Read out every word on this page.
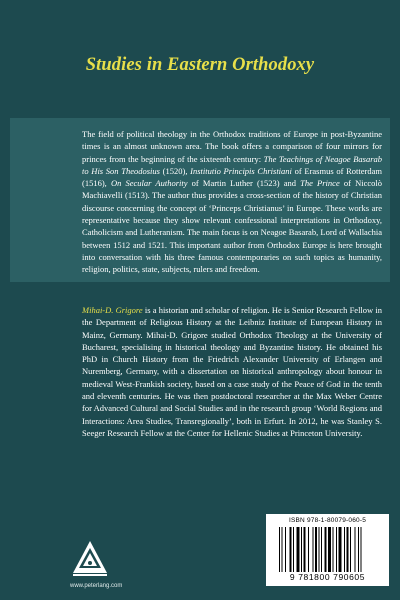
Studies in Eastern Orthodoxy

The field of political theology in the Orthodox traditions of Europe in post-Byzantine times is an almost unknown area. The book offers a comparison of four mirrors for princes from the beginning of the sixteenth century: The Teachings of Neagoe Basarab to His Son Theodosius (1520), Institutio Principis Christiani of Erasmus of Rotterdam (1516), On Secular Authority of Martin Luther (1523) and The Prince of Niccolò Machiavelli (1513). The author thus provides a cross-section of the history of Christian discourse concerning the concept of ‘Princeps Christianus’ in Europe. These works are representative because they show relevant confessional interpretations in Orthodoxy, Catholicism and Lutheranism. The main focus is on Neagoe Basarab, Lord of Wallachia between 1512 and 1521. This important author from Orthodox Europe is here brought into conversation with his three famous contemporaries on such topics as humanity, religion, politics, state, subjects, rulers and freedom.

Mihai-D. Grigore is a historian and scholar of religion. He is Senior Research Fellow in the Department of Religious History at the Leibniz Institute of European History in Mainz, Germany. Mihai-D. Grigore studied Orthodox Theology at the University of Bucharest, specialising in historical theology and Byzantine history. He obtained his PhD in Church History from the Friedrich Alexander University of Erlangen and Nuremberg, Germany, with a dissertation on historical anthropology about honour in medieval West-Frankish society, based on a case study of the Peace of God in the tenth and eleventh centuries. He was then postdoctoral researcher at the Max Weber Centre for Advanced Cultural and Social Studies and in the research group ‘World Regions and Interactions: Area Studies, Transregionally’, both in Erfurt. In 2012, he was Stanley S. Seeger Research Fellow at the Center for Hellenic Studies at Princeton University.

www.peterlang.com
ISBN 978-1-80079-060-5
9 781800 790605
